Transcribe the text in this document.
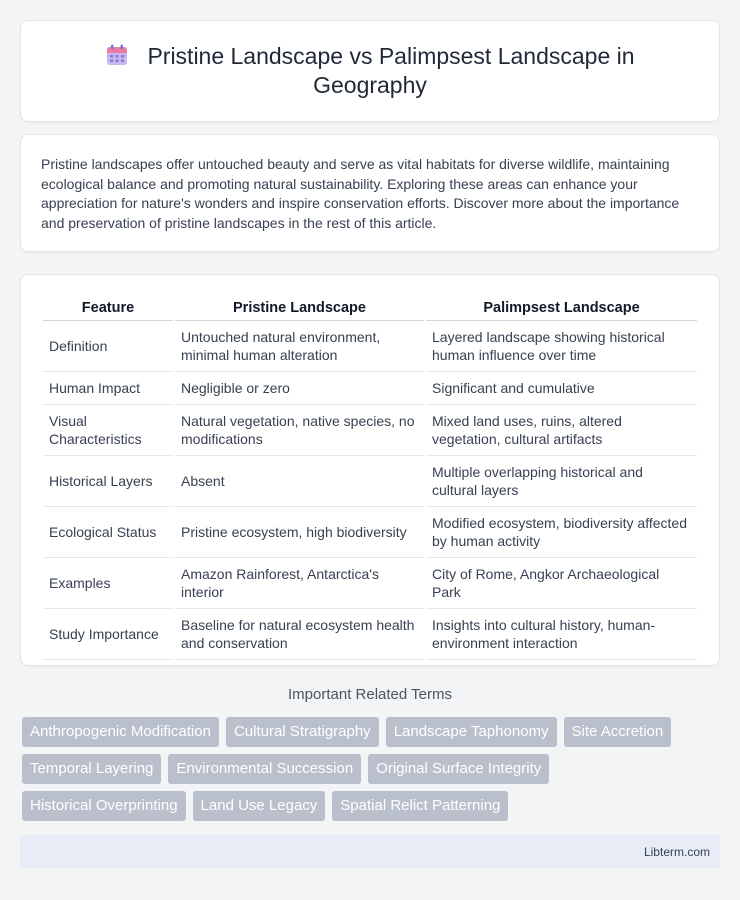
Pristine Landscape vs Palimpsest Landscape in Geography

Pristine landscapes offer untouched beauty and serve as vital habitats for diverse wildlife, maintaining ecological balance and promoting natural sustainability. Exploring these areas can enhance your appreciation for nature's wonders and inspire conservation efforts. Discover more about the importance and preservation of pristine landscapes in the rest of this article.

Feature	Pristine Landscape	Palimpsest Landscape
Definition	Untouched natural environment, minimal human alteration	Layered landscape showing historical human influence over time
Human Impact	Negligible or zero	Significant and cumulative
Visual Characteristics	Natural vegetation, native species, no modifications	Mixed land uses, ruins, altered vegetation, cultural artifacts
Historical Layers	Absent	Multiple overlapping historical and cultural layers
Ecological Status	Pristine ecosystem, high biodiversity	Modified ecosystem, biodiversity affected by human activity
Examples	Amazon Rainforest, Antarctica's interior	City of Rome, Angkor Archaeological Park
Study Importance	Baseline for natural ecosystem health and conservation	Insights into cultural history, human-environment interaction
Important Related Terms
Anthropogenic Modification	Cultural Stratigraphy	Landscape Taphonomy	Site Accretion
Temporal Layering	Environmental Succession	Original Surface Integrity
Historical Overprinting	Land Use Legacy	Spatial Relict Patterning
Libterm.com
